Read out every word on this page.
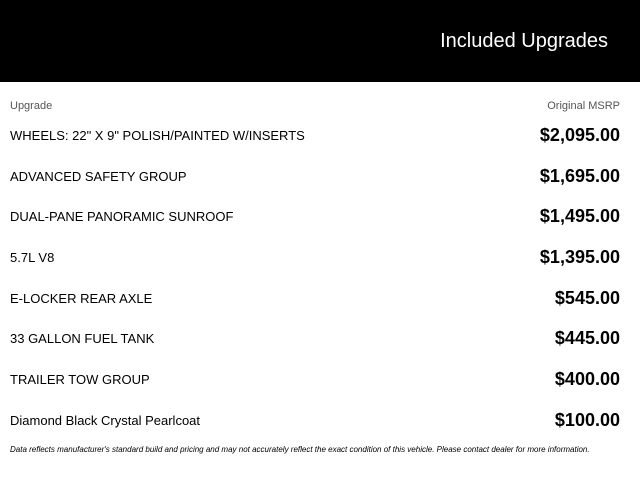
Included Upgrades
Upgrade	Original MSRP
WHEELS: 22" X 9" POLISH/PAINTED W/INSERTS	$2,095.00
ADVANCED SAFETY GROUP	$1,695.00
DUAL-PANE PANORAMIC SUNROOF	$1,495.00
5.7L V8	$1,395.00
E-LOCKER REAR AXLE	$545.00
33 GALLON FUEL TANK	$445.00
TRAILER TOW GROUP	$400.00
Diamond Black Crystal Pearlcoat	$100.00
Data reflects manufacturer's standard build and pricing and may not accurately reflect the exact condition of this vehicle. Please contact dealer for more information.
